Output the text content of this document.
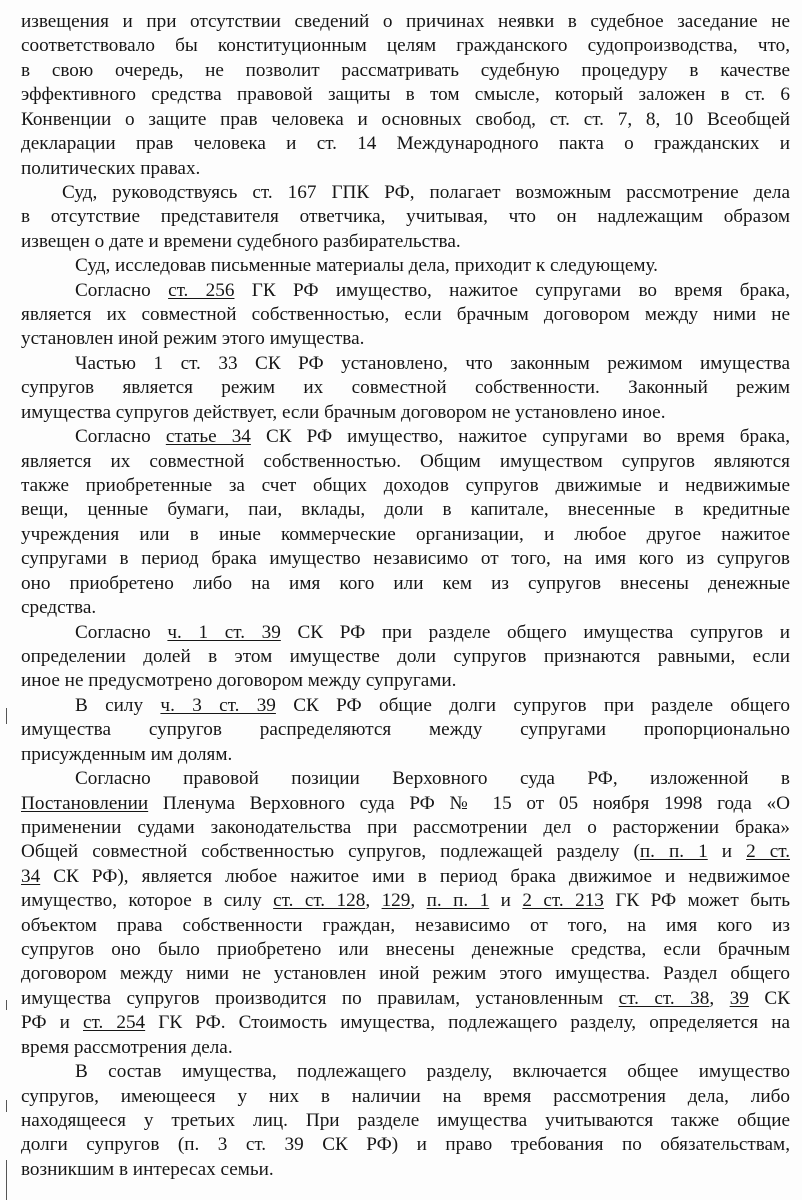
извещения и при отсутствии сведений о причинах неявки в судебное заседание не
соответствовало бы конституционным целям гражданского судопроизводства, что,
в свою очередь, не позволит рассматривать судебную процедуру в качестве
эффективного средства правовой защиты в том смысле, который заложен в ст. 6
Конвенции о защите прав человека и основных свобод, ст. ст. 7, 8, 10 Всеобщей
декларации прав человека и ст. 14 Международного пакта о гражданских и
политических правах.
Суд, руководствуясь ст. 167 ГПК РФ, полагает возможным рассмотрение дела
в отсутствие представителя ответчика, учитывая, что он надлежащим образом
извещен о дате и времени судебного разбирательства.
Суд, исследовав письменные материалы дела, приходит к следующему.
Согласно ст. 256 ГК РФ имущество, нажитое супругами во время брака,
является их совместной собственностью, если брачным договором между ними не
установлен иной режим этого имущества.
Частью 1 ст. 33 СК РФ установлено, что законным режимом имущества
супругов является режим их совместной собственности. Законный режим
имущества супругов действует, если брачным договором не установлено иное.
Согласно статье 34 СК РФ имущество, нажитое супругами во время брака,
является их совместной собственностью. Общим имуществом супругов являются
также приобретенные за счет общих доходов супругов движимые и недвижимые
вещи, ценные бумаги, паи, вклады, доли в капитале, внесенные в кредитные
учреждения или в иные коммерческие организации, и любое другое нажитое
супругами в период брака имущество независимо от того, на имя кого из супругов
оно приобретено либо на имя кого или кем из супругов внесены денежные
средства.
Согласно ч. 1 ст. 39 СК РФ при разделе общего имущества супругов и
определении долей в этом имуществе доли супругов признаются равными, если
иное не предусмотрено договором между супругами.
В силу ч. 3 ст. 39 СК РФ общие долги супругов при разделе общего
имущества супругов распределяются между супругами пропорционально
присужденным им долям.
Согласно правовой позиции Верховного суда РФ, изложенной в
Постановлении Пленума Верховного суда РФ № 15 от 05 ноября 1998 года «О
применении судами законодательства при рассмотрении дел о расторжении брака»
Общей совместной собственностью супругов, подлежащей разделу (п. п. 1 и 2 ст.
34 СК РФ), является любое нажитое ими в период брака движимое и недвижимое
имущество, которое в силу ст. ст. 128, 129, п. п. 1 и 2 ст. 213 ГК РФ может быть
объектом права собственности граждан, независимо от того, на имя кого из
супругов оно было приобретено или внесены денежные средства, если брачным
договором между ними не установлен иной режим этого имущества. Раздел общего
имущества супругов производится по правилам, установленным ст. ст. 38, 39 СК
РФ и ст. 254 ГК РФ. Стоимость имущества, подлежащего разделу, определяется на
время рассмотрения дела.
В состав имущества, подлежащего разделу, включается общее имущество
супругов, имеющееся у них в наличии на время рассмотрения дела, либо
находящееся у третьих лиц. При разделе имущества учитываются также общие
долги супругов (п. 3 ст. 39 СК РФ) и право требования по обязательствам,
возникшим в интересах семьи.
